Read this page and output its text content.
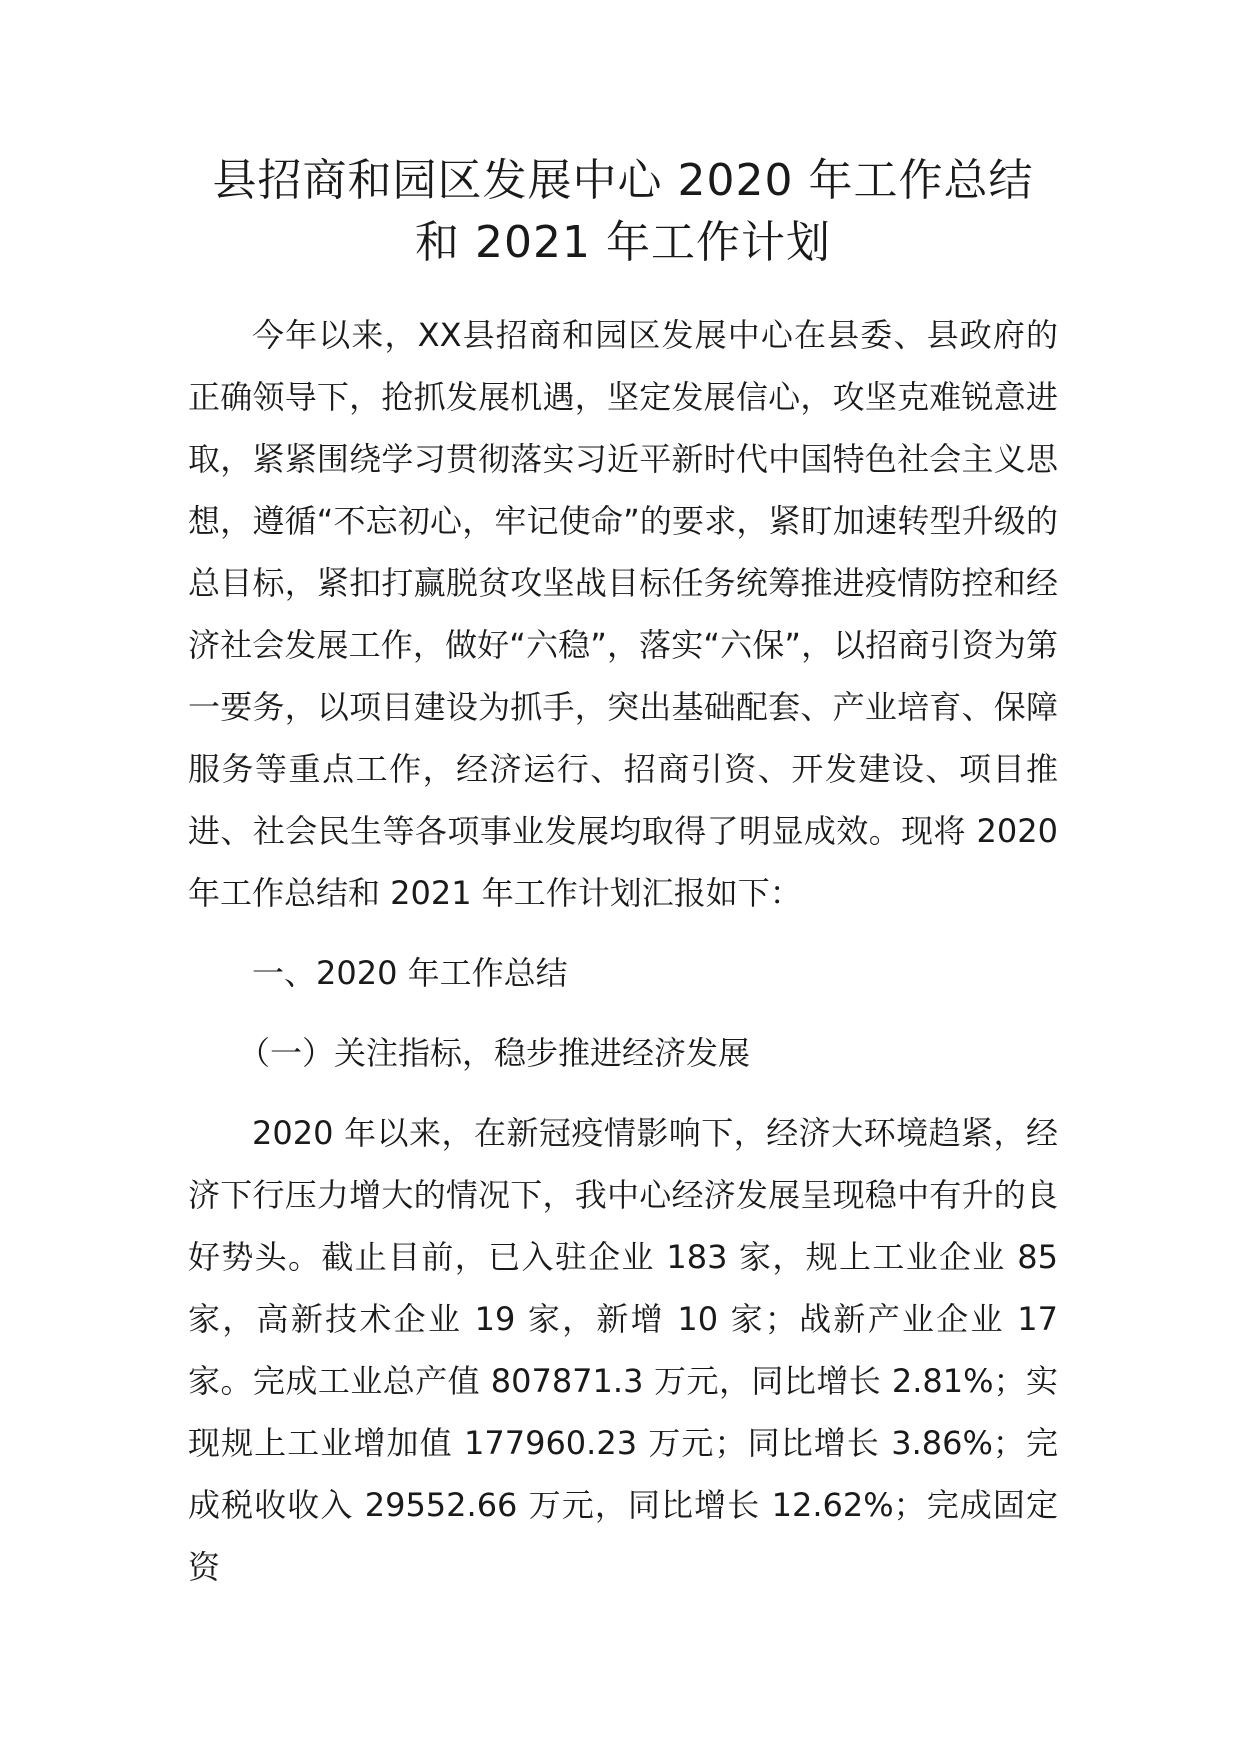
县招商和园区发展中心 2020 年工作总结
和 2021 年工作计划

今年以来，XX县招商和园区发展中心在县委、县政府的正确领导下，抢抓发展机遇，坚定发展信心，攻坚克难锐意进取，紧紧围绕学习贯彻落实习近平新时代中国特色社会主义思想，遵循“不忘初心，牢记使命”的要求，紧盯加速转型升级的总目标，紧扣打赢脱贫攻坚战目标任务统筹推进疫情防控和经济社会发展工作，做好“六稳”，落实“六保”，以招商引资为第一要务，以项目建设为抓手，突出基础配套、产业培育、保障服务等重点工作，经济运行、招商引资、开发建设、项目推进、社会民生等各项事业发展均取得了明显成效。现将 2020 年工作总结和 2021 年工作计划汇报如下：

一、2020 年工作总结

（一）关注指标，稳步推进经济发展

2020 年以来，在新冠疫情影响下，经济大环境趋紧，经济下行压力增大的情况下，我中心经济发展呈现稳中有升的良好势头。截止目前，已入驻企业 183 家，规上工业企业 85 家，高新技术企业 19 家，新增 10 家；战新产业企业 17 家。完成工业总产值 807871.3 万元，同比增长 2.81%；实现规上工业增加值 177960.23 万元；同比增长 3.86%；完成税收收入 29552.66 万元，同比增长 12.62%；完成固定资
